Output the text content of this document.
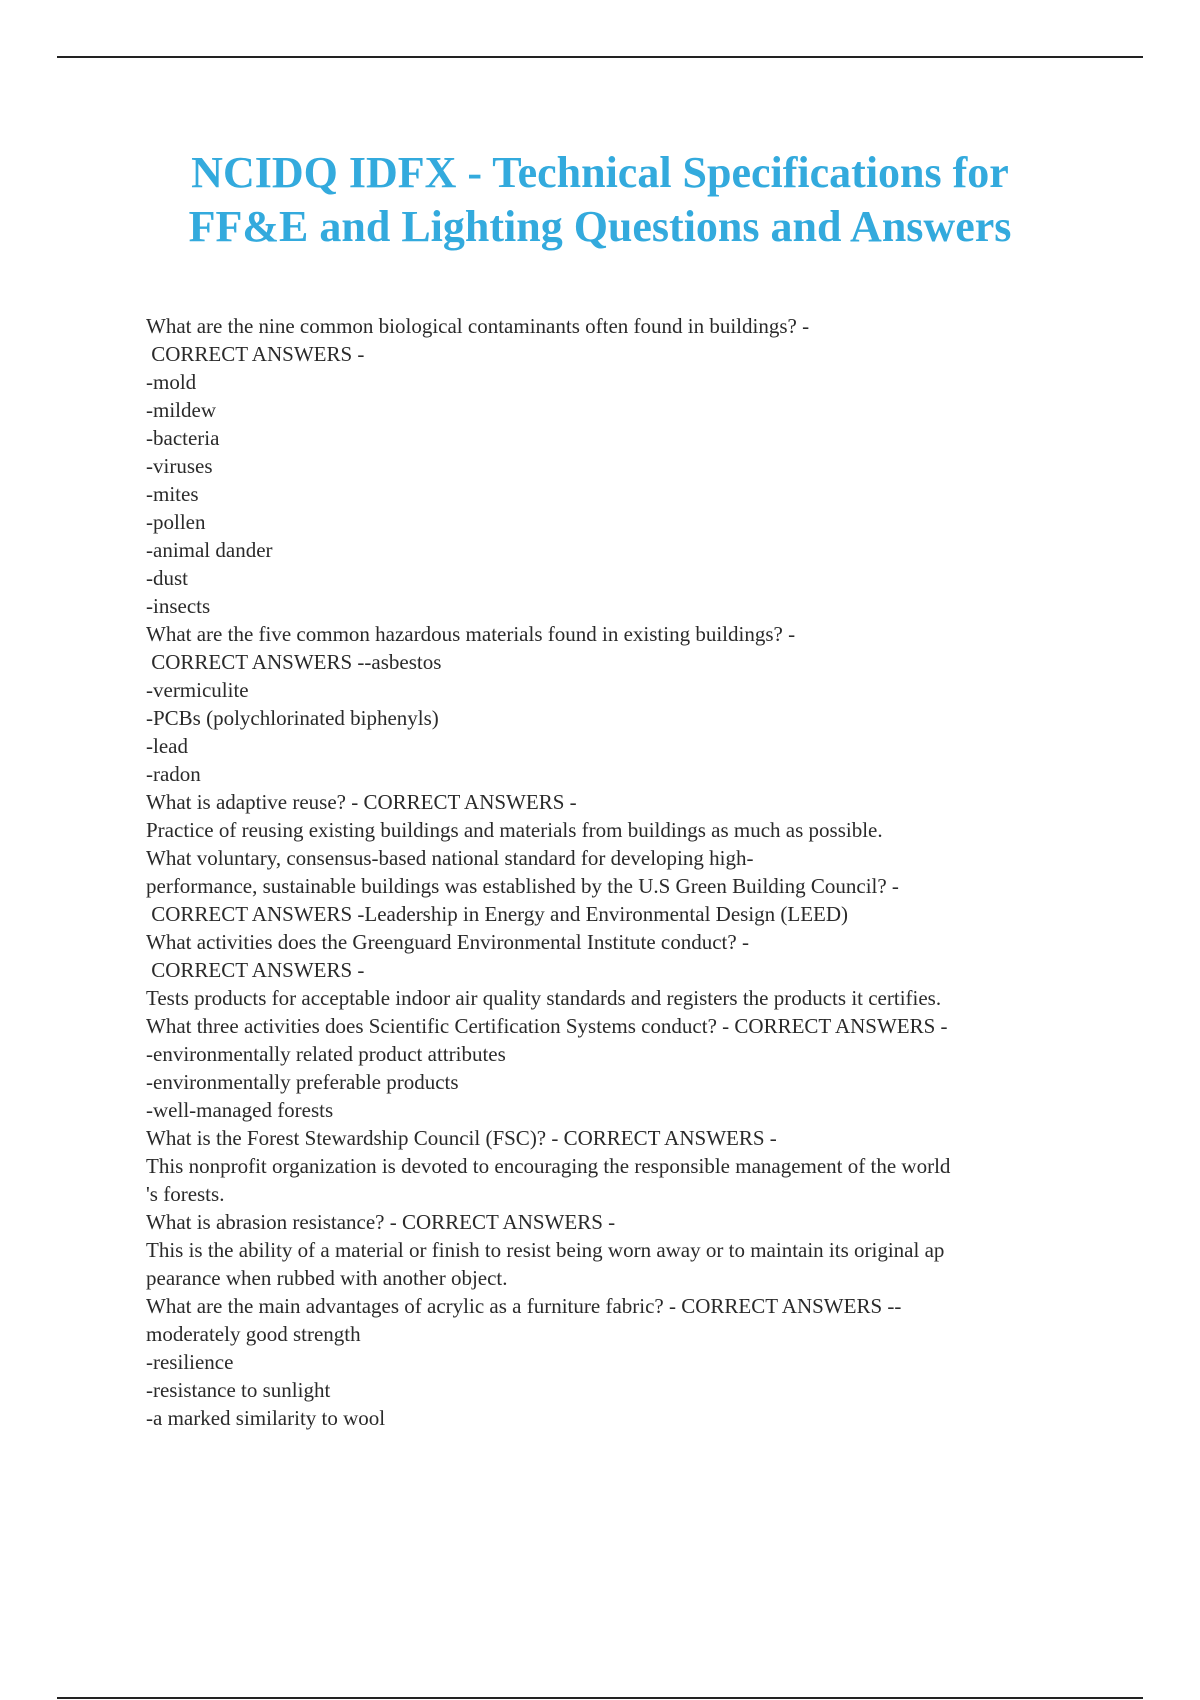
NCIDQ IDFX - Technical Specifications for
FF&E and Lighting Questions and Answers
What are the nine common biological contaminants often found in buildings? -
CORRECT ANSWERS -
-mold
-mildew
-bacteria
-viruses
-mites
-pollen
-animal dander
-dust
-insects
What are the five common hazardous materials found in existing buildings? -
CORRECT ANSWERS --asbestos
-vermiculite
-PCBs (polychlorinated biphenyls)
-lead
-radon
What is adaptive reuse? - CORRECT ANSWERS -
Practice of reusing existing buildings and materials from buildings as much as possible.
What voluntary, consensus-based national standard for developing high-
performance, sustainable buildings was established by the U.S Green Building Council? -
CORRECT ANSWERS -Leadership in Energy and Environmental Design (LEED)
What activities does the Greenguard Environmental Institute conduct? -
CORRECT ANSWERS -
Tests products for acceptable indoor air quality standards and registers the products it certifies.
What three activities does Scientific Certification Systems conduct? - CORRECT ANSWERS -
-environmentally related product attributes
-environmentally preferable products
-well-managed forests
What is the Forest Stewardship Council (FSC)? - CORRECT ANSWERS -
This nonprofit organization is devoted to encouraging the responsible management of the world
's forests.
What is abrasion resistance? - CORRECT ANSWERS -
This is the ability of a material or finish to resist being worn away or to maintain its original ap
pearance when rubbed with another object.
What are the main advantages of acrylic as a furniture fabric? - CORRECT ANSWERS --
moderately good strength
-resilience
-resistance to sunlight
-a marked similarity to wool
